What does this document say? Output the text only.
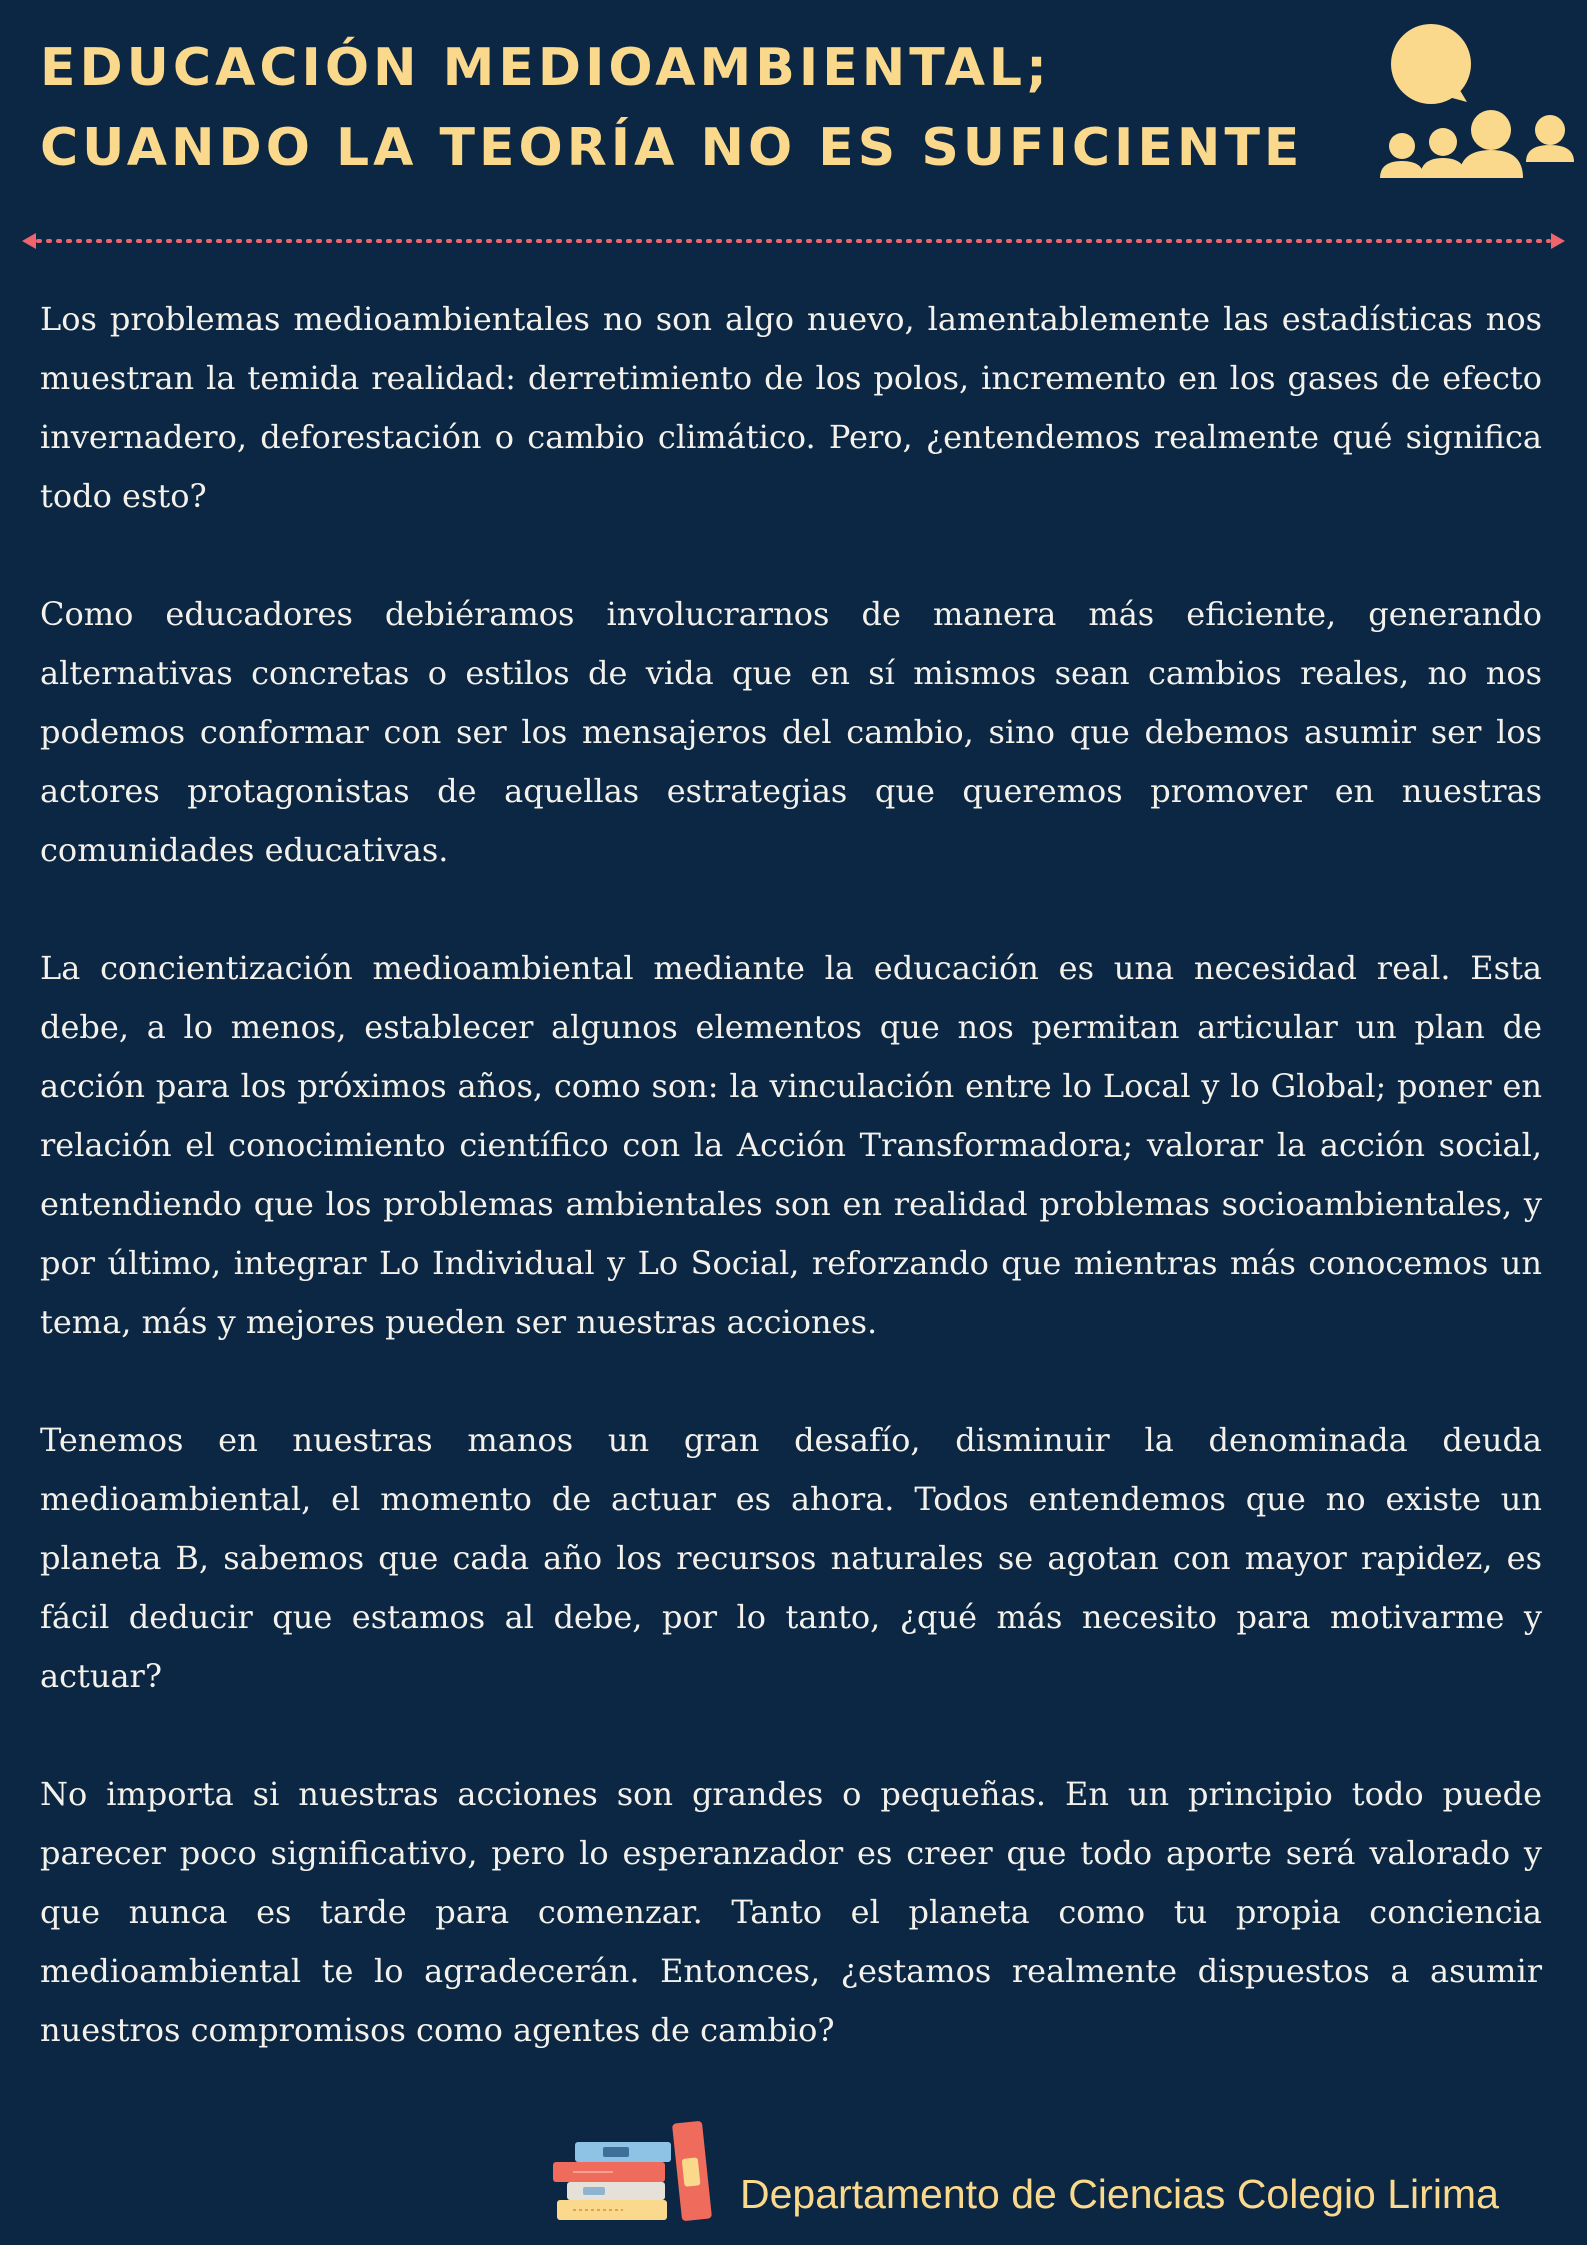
EDUCACIÓN MEDIOAMBIENTAL;
CUANDO LA TEORÍA NO ES SUFICIENTE

Los problemas medioambientales no son algo nuevo, lamentablemente las estadísticas nos muestran la temida realidad: derretimiento de los polos, incremento en los gases de efecto invernadero, deforestación o cambio climático. Pero, ¿entendemos realmente qué significa todo esto?

Como educadores debiéramos involucrarnos de manera más eficiente, generando alternativas concretas o estilos de vida que en sí mismos sean cambios reales, no nos podemos conformar con ser los mensajeros del cambio, sino que debemos asumir ser los actores protagonistas de aquellas estrategias que queremos promover en nuestras comunidades educativas.

La concientización medioambiental mediante la educación es una necesidad real. Esta debe, a lo menos, establecer algunos elementos que nos permitan articular un plan de acción para los próximos años, como son: la vinculación entre lo Local y lo Global; poner en relación el conocimiento científico con la Acción Transformadora; valorar la acción social, entendiendo que los problemas ambientales son en realidad problemas socioambientales, y por último, integrar Lo Individual y Lo Social, reforzando que mientras más conocemos un tema, más y mejores pueden ser nuestras acciones.

Tenemos en nuestras manos un gran desafío, disminuir la denominada deuda medioambiental, el momento de actuar es ahora. Todos entendemos que no existe un planeta B, sabemos que cada año los recursos naturales se agotan con mayor rapidez, es fácil deducir que estamos al debe, por lo tanto, ¿qué más necesito para motivarme y actuar?

No importa si nuestras acciones son grandes o pequeñas. En un principio todo puede parecer poco significativo, pero lo esperanzador es creer que todo aporte será valorado y que nunca es tarde para comenzar. Tanto el planeta como tu propia conciencia medioambiental te lo agradecerán. Entonces, ¿estamos realmente dispuestos a asumir nuestros compromisos como agentes de cambio?

Departamento de Ciencias Colegio Lirima
